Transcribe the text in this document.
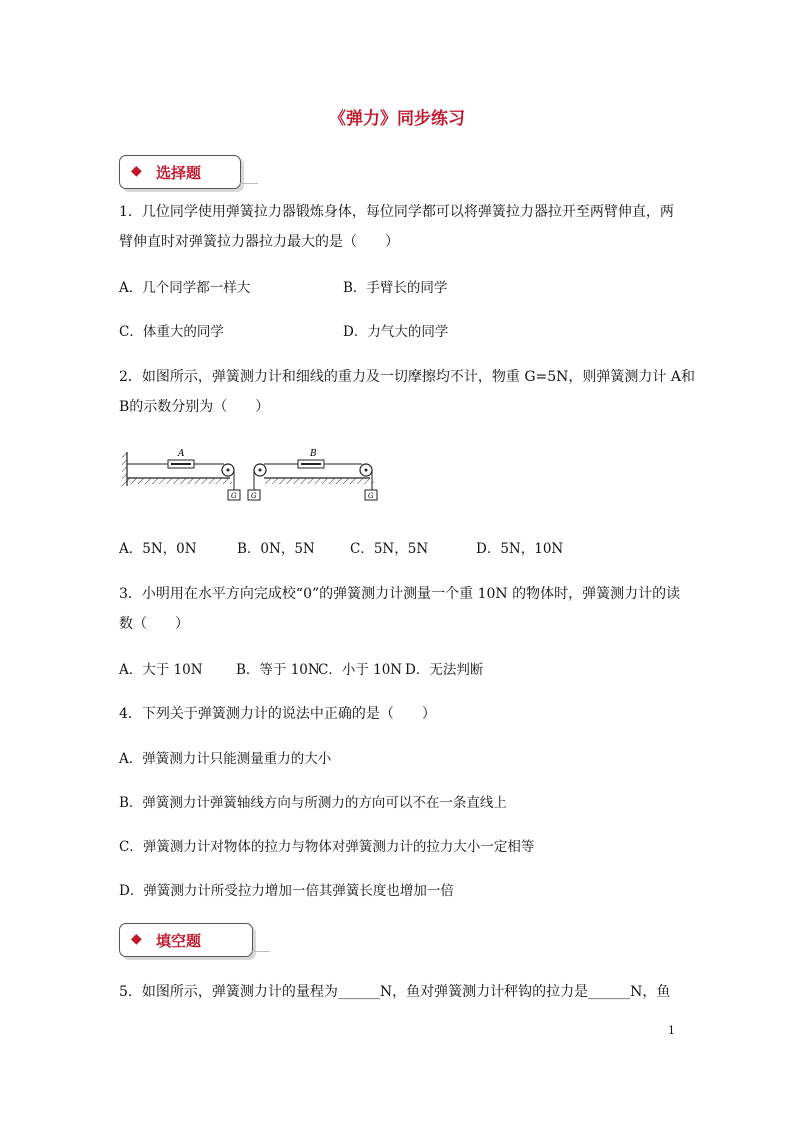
《弹力》同步练习
◆ 选择题
1．几位同学使用弹簧拉力器锻炼身体，每位同学都可以将弹簧拉力器拉开至两臂伸直，两
臂伸直时对弹簧拉力器拉力最大的是（　　）
A．几个同学都一样大	B．手臂长的同学
C．体重大的同学	D．力气大的同学
2．如图所示，弹簧测力计和细线的重力及一切摩擦均不计，物重 G=5N，则弹簧测力计 A和
B的示数分别为（　　）
A
G G
B
G
A．5N，0N	B．0N，5N	C．5N，5N	D．5N，10N
3．小明用在水平方向完成校“0”的弹簧测力计测量一个重 10N 的物体时，弹簧测力计的读
数（　　）
A．大于 10N B．等于 10N
C．小于 10N D．无法判断
4．下列关于弹簧测力计的说法中正确的是（　　）
A．弹簧测力计只能测量重力的大小
B．弹簧测力计弹簧轴线方向与所测力的方向可以不在一条直线上
C．弹簧测力计对物体的拉力与物体对弹簧测力计的拉力大小一定相等
D．弹簧测力计所受拉力增加一倍其弹簧长度也增加一倍
◆ 填空题
5．如图所示，弹簧测力计的量程为______N，鱼对弹簧测力计秤钩的拉力是______N，鱼
1
